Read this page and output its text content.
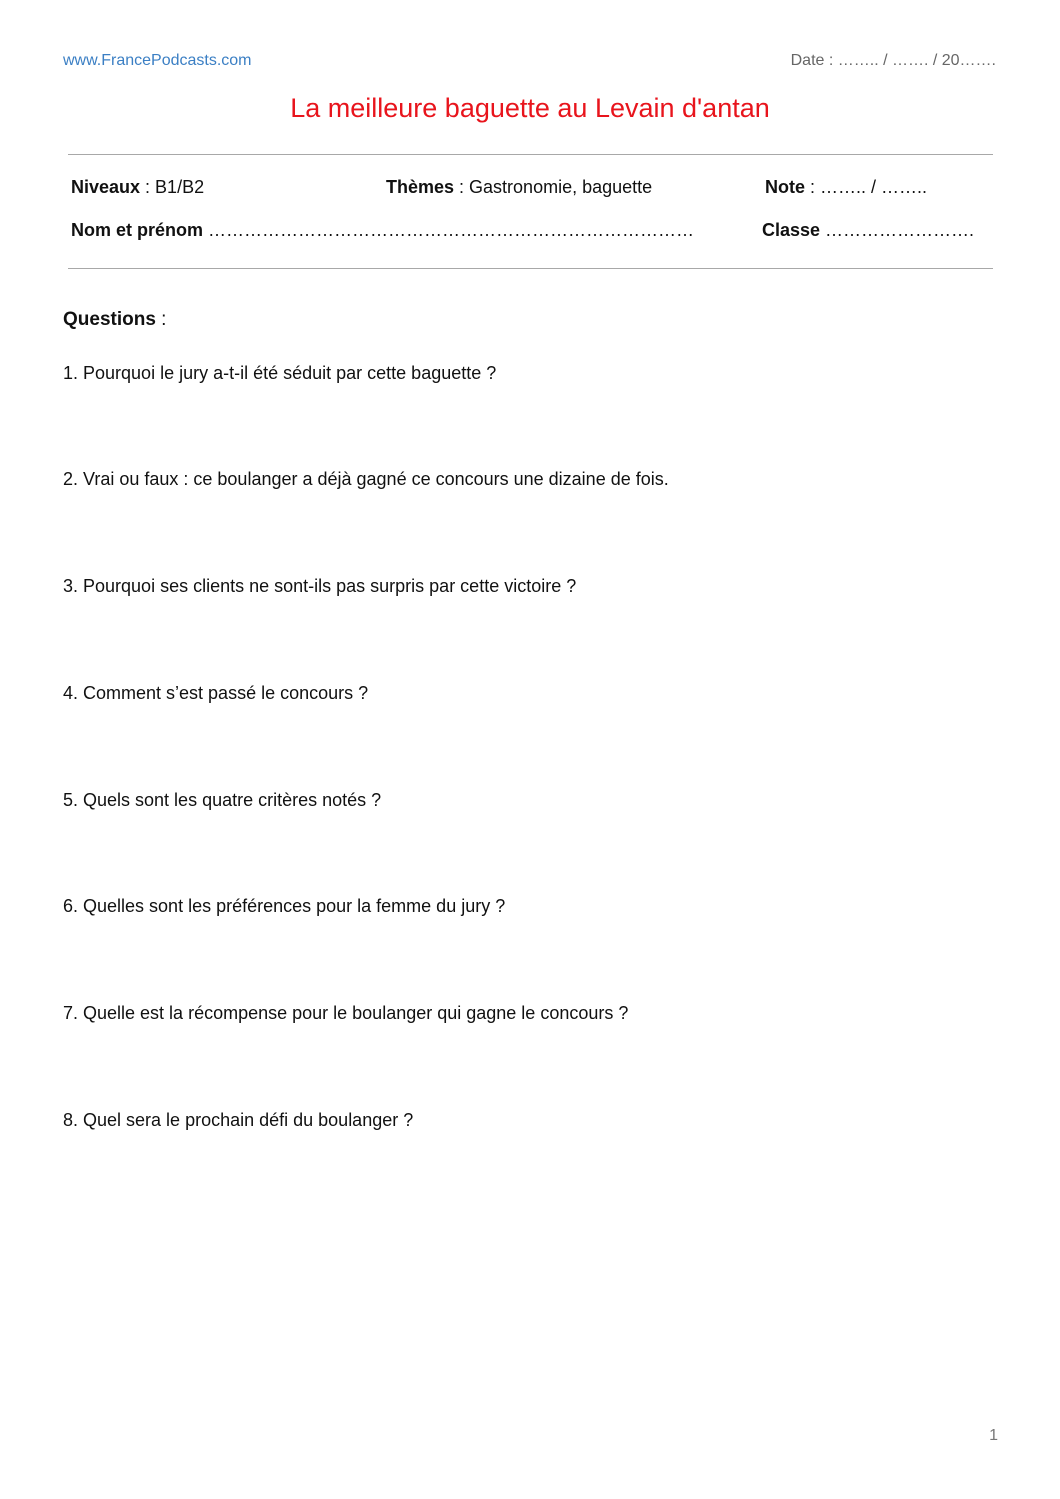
www.FrancePodcasts.com	Date : …….. / ……. / 20…….
La meilleure baguette au Levain d'antan
Niveaux : B1/B2	Thèmes : Gastronomie, baguette	Note : …….. / ……..
Nom et prénom ………………………………………………………………………	Classe …………………….
Questions :
1. Pourquoi le jury a-t-il été séduit par cette baguette ?
2. Vrai ou faux : ce boulanger a déjà gagné ce concours une dizaine de fois.
3. Pourquoi ses clients ne sont-ils pas surpris par cette victoire ?
4. Comment s’est passé le concours ?
5. Quels sont les quatre critères notés ?
6. Quelles sont les préférences pour la femme du jury ?
7. Quelle est la récompense pour le boulanger qui gagne le concours ?
8. Quel sera le prochain défi du boulanger ?
1
